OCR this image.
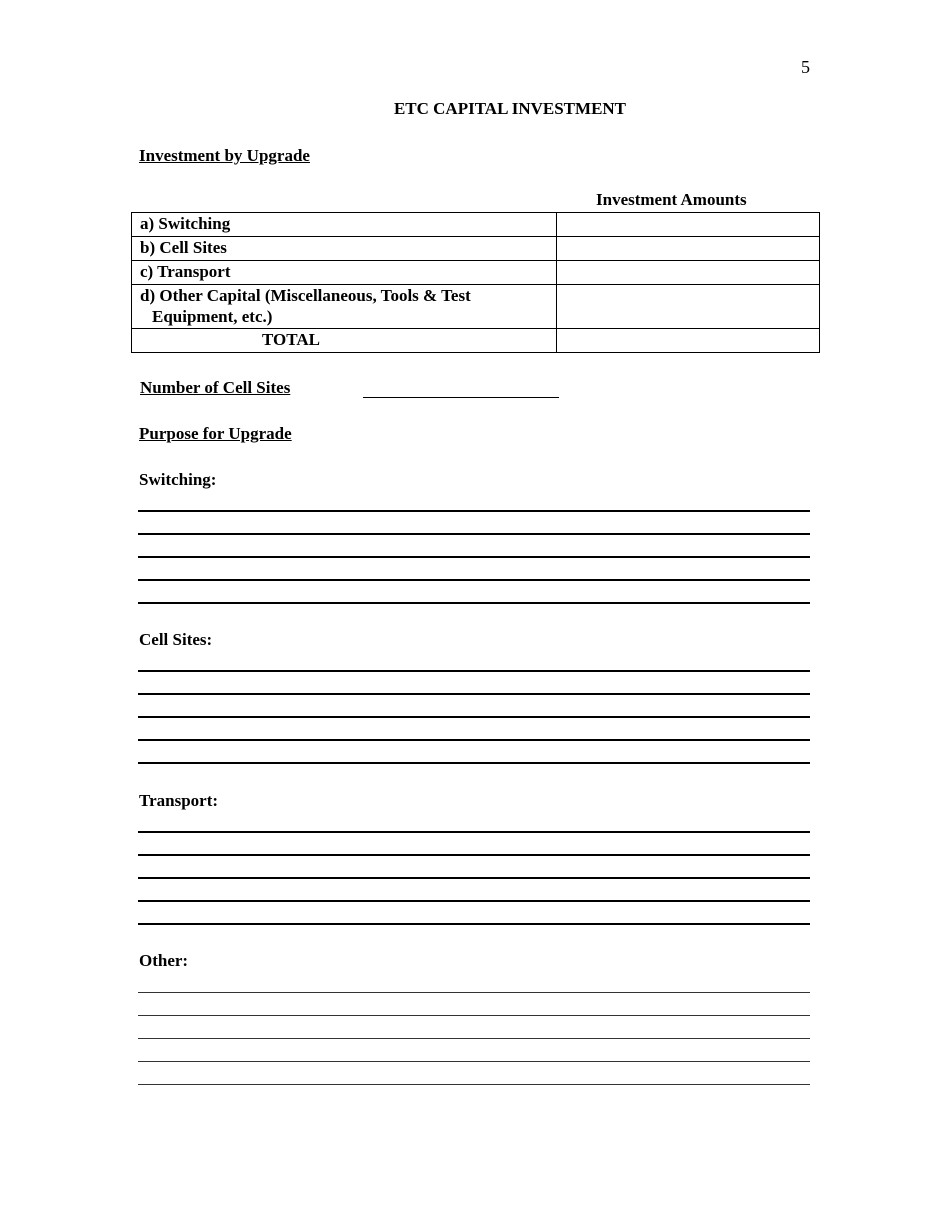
5
ETC CAPITAL INVESTMENT
Investment by Upgrade
Investment Amounts
a) Switching	
b) Cell Sites	
c) Transport	
d) Other Capital (Miscellaneous, Tools & Test Equipment, etc.)	
TOTAL	
Number of Cell Sites
Purpose for Upgrade
Switching:
Cell Sites:
Transport:
Other:
